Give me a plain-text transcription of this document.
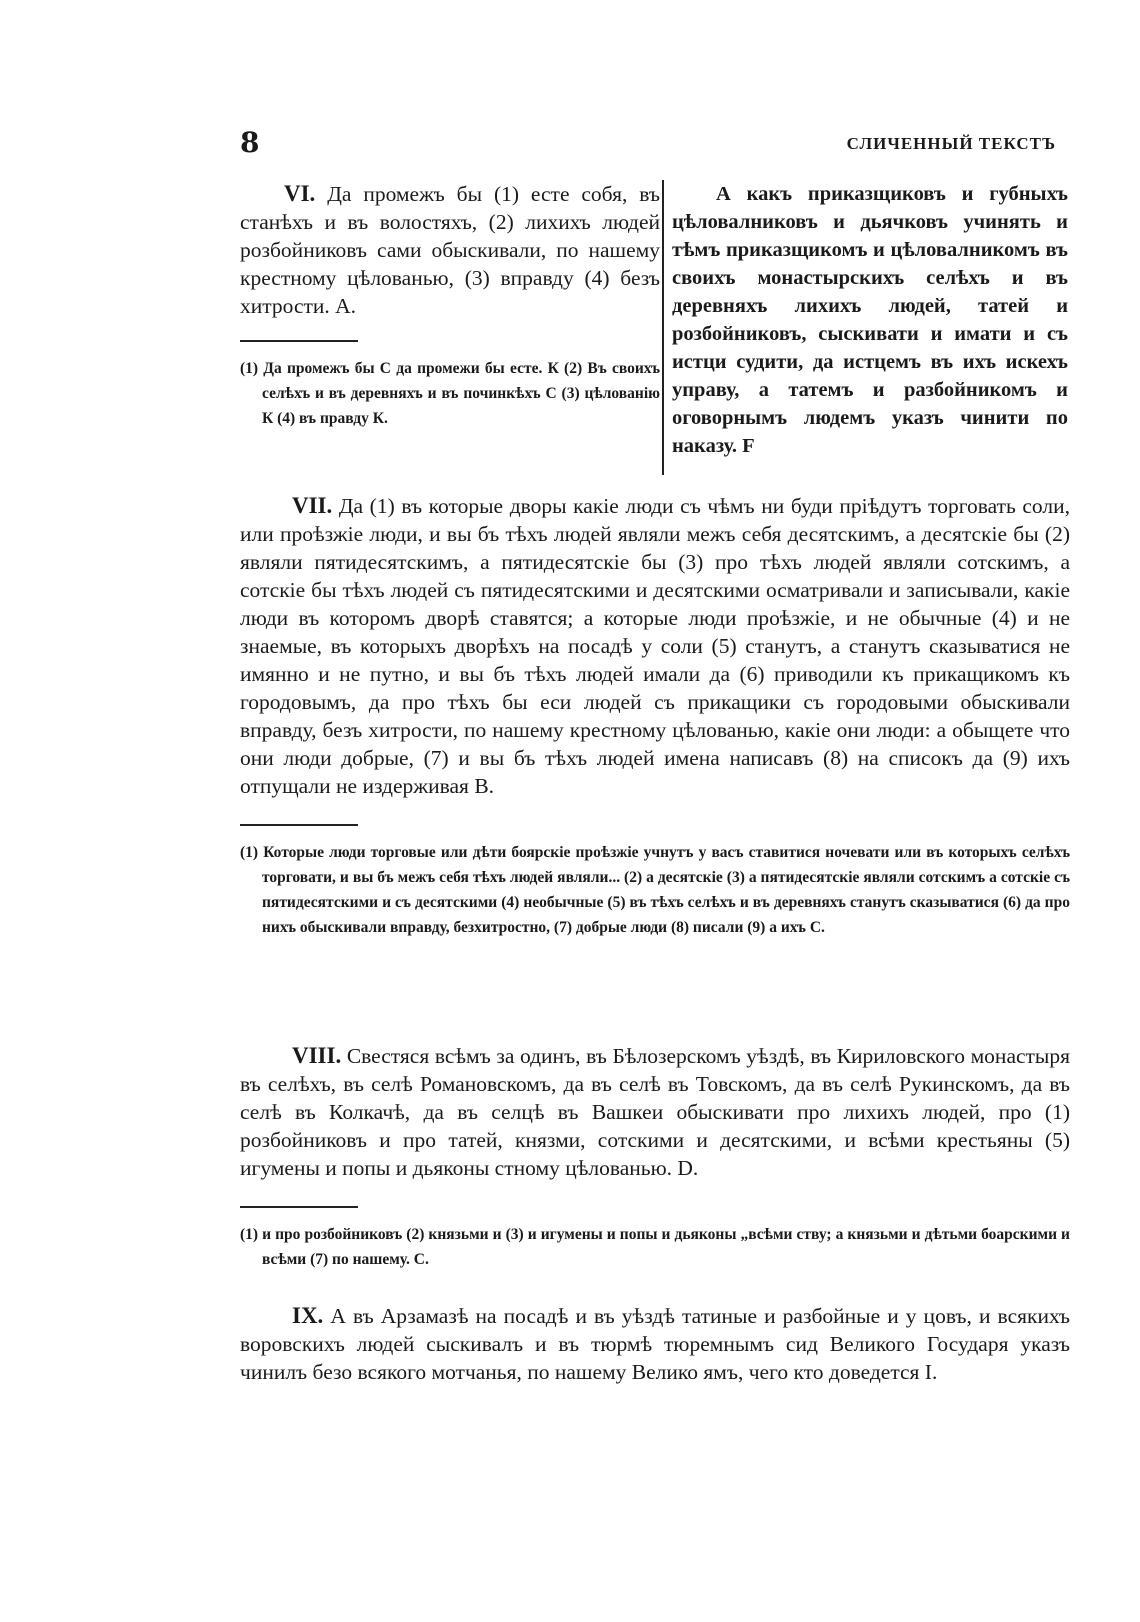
8	СЛИЧЕННЫЙ ТЕКСТЪ
VI. Да промежъ бы (1) есте собя, въ станѣхъ и въ волостяхъ, (2) лихихъ людей розбойниковъ сами обыскивали, по нашему крестному цѣлованью, (3) вправду (4) безъ хитрости. А.
(1) Да промежъ бы С да промежи бы есте. К (2) Въ своихъ селѣхъ и въ деревняхъ и въ починкѣхъ С (3) цѣлованію К (4) въ правду К.
А какъ приказщиковъ и губныхъ цѣловалниковъ и дьячковъ учинять и тѣмъ приказщикомъ и цѣловалникомъ въ своихъ монастырскихъ селѣхъ и въ деревняхъ лихихъ людей, татей и розбойниковъ, сыскивати и имати и съ истци судити, да истцемъ въ ихъ искехъ управу, а татемъ и разбойникомъ и оговорнымъ людемъ указъ чинити по наказу. F
VII. Да (1) въ которые дворы какіе люди съ чѣмъ ни буди пріѣдутъ торговать соли, или проѣзжіе люди, и вы бъ тѣхъ людей являли межъ себя десятскимъ, а десятскіе бы (2) являли пятидесятскимъ, а пятидесятскіе бы (3) про тѣхъ людей являли сотскимъ, а сотскіе бы тѣхъ людей съ пятидесятскими и десятскими осматривали и записывали, какіе люди въ которомъ дворѣ ставятся; а которые люди проѣзжіе, и не обычные (4) и не знаемые, въ которыхъ дворѣхъ на посадѣ у соли (5) станутъ, а станутъ сказыватися не имянно и не путно, и вы бъ тѣхъ людей имали да (6) приводили къ прикащикомъ къ городовымъ, да про тѣхъ бы еси людей съ прикащики съ городовыми обыскивали вправду, безъ хитрости, по нашему крестному цѣлованью, какіе они люди: а обыщете что они люди добрые, (7) и вы бъ тѣхъ людей имена написавъ (8) на списокъ да (9) ихъ отпущали не издерживая В.
(1) Которые люди торговые или дѣти боярскіе проѣзжіе учнутъ у васъ ставитися ночевати или въ которыхъ селѣхъ торговати, и вы бъ межъ себя тѣхъ людей являли... (2) а десятскіе (3) а пятидесятскіе являли сотскимъ а сотскіе съ пятидесятскими и съ десятскими (4) необычные (5) въ тѣхъ селѣхъ и въ деревняхъ станутъ сказыватися (6) да про нихъ обыскивали вправду, безхитростно, (7) добрые люди (8) писали (9) а ихъ С.
VIII. Свестяся всѣмъ за одинъ, въ Бѣлозерскомъ уѣздѣ, въ Кириловского монастыря въ селѣхъ, въ селѣ Романовскомъ, да въ селѣ въ Товскомъ, да въ селѣ Рукинскомъ, да въ селѣ въ Колкачѣ, да въ селцѣ въ Вашкеи обыскивати про лихихъ людей, про (1) розбойниковъ и про татей, князми, сотскими и десятскими, и всѣми крестьяны (5) игумены и попы и дьяконы стному цѣлованью. D.
(1) и про розбойниковъ (2) князьми и (3) и игумены и попы и дьяконы „всѣми ству; а князьми и дѣтьми боарскими и всѣми (7) по нашему. С.
IX. А въ Арзамазѣ на посадѣ и въ уѣздѣ татиные и разбойные и у цовъ, и всякихъ воровскихъ людей сыскивалъ и въ тюрмѣ тюремнымъ сид Великого Государя указъ чинилъ безо всякого мотчанья, по нашему Велико ямъ, чего кто доведется I.
